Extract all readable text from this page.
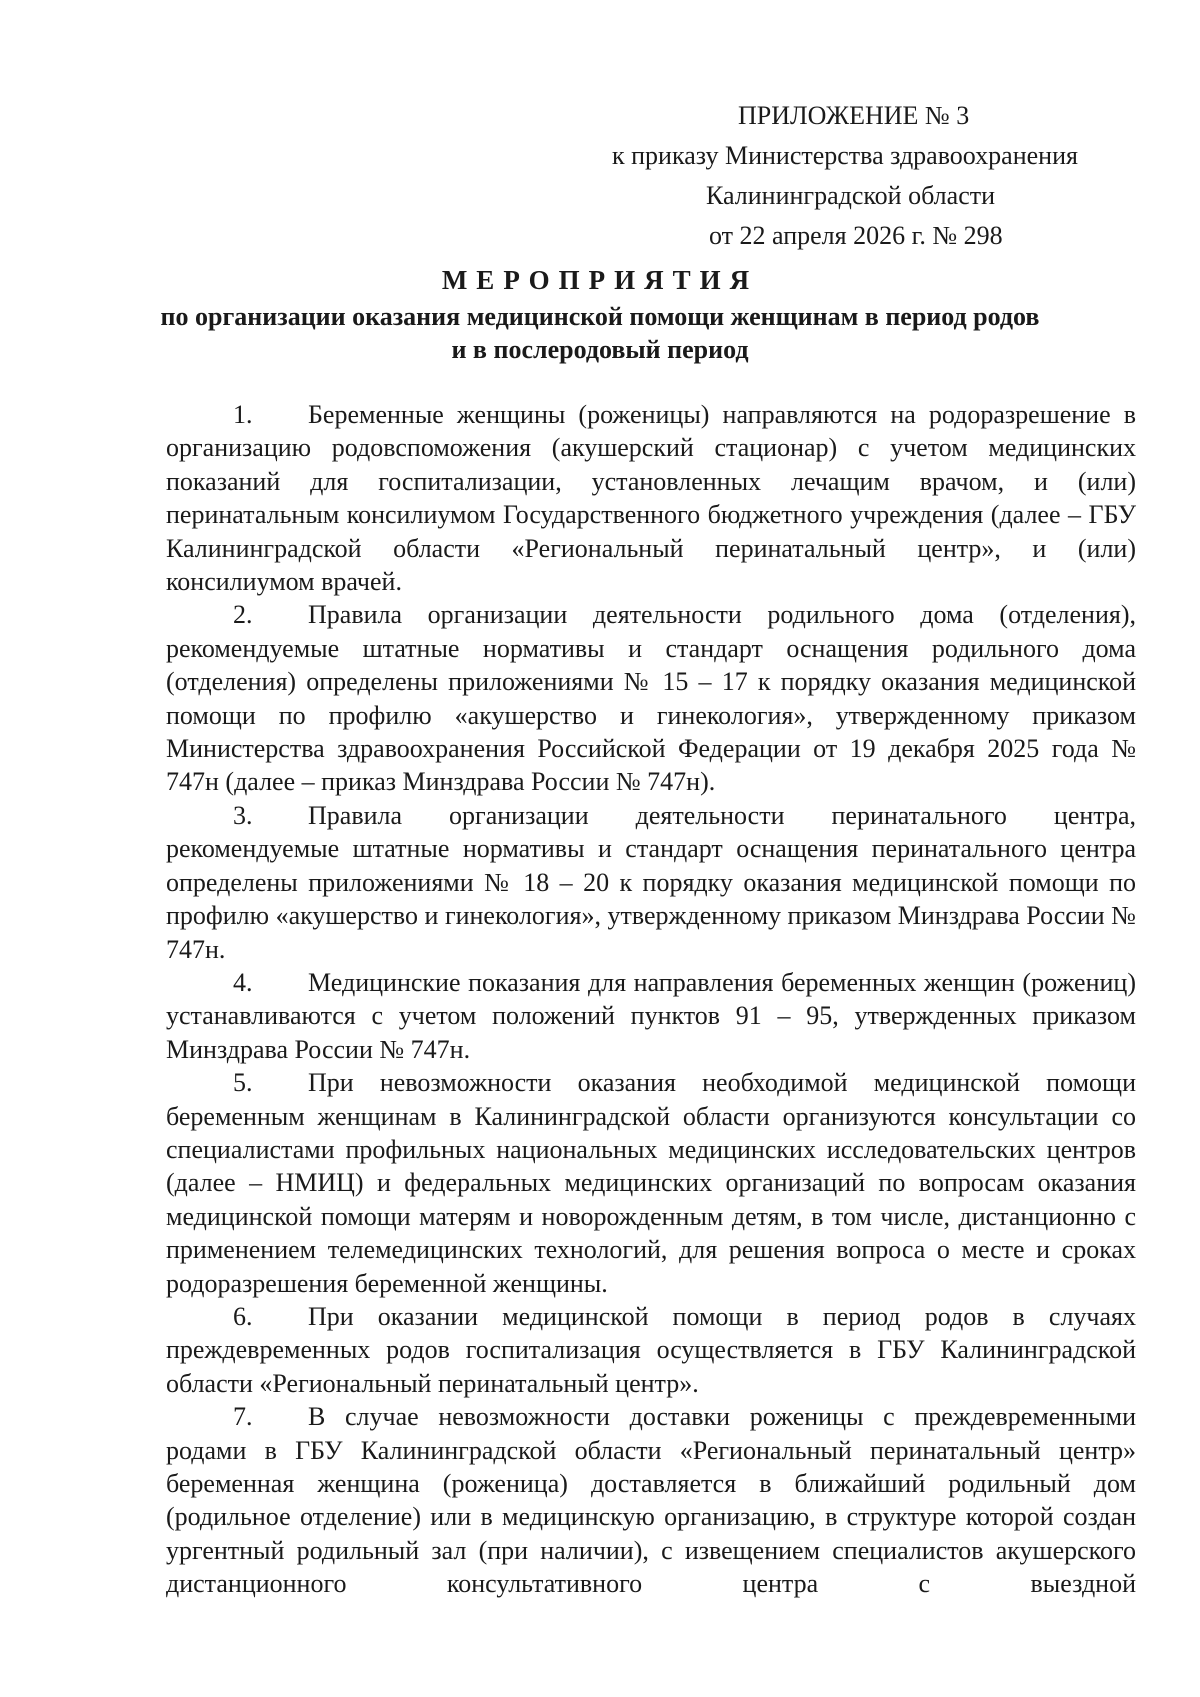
ПРИЛОЖЕНИЕ № 3
к приказу Министерства здравоохранения
Калининградской области
от 22 апреля 2026 г. № 298
МЕРОПРИЯТИЯ
по организации оказания медицинской помощи женщинам в период родов и в послеродовый период

1. Беременные женщины (роженицы) направляются на родоразрешение в организацию родовспоможения (акушерский стационар) с учетом медицинских показаний для госпитализации, установленных лечащим врачом, и (или) перинатальным консилиумом Государственного бюджетного учреждения (далее – ГБУ Калининградской области «Региональный перинатальный центр», и (или) консилиумом врачей.

2. Правила организации деятельности родильного дома (отделения), рекомендуемые штатные нормативы и стандарт оснащения родильного дома (отделения) определены приложениями № 15 – 17 к порядку оказания медицинской помощи по профилю «акушерство и гинекология», утвержденному приказом Министерства здравоохранения Российской Федерации от 19 декабря 2025 года № 747н (далее – приказ Минздрава России № 747н).

3. Правила организации деятельности перинатального центра, рекомендуемые штатные нормативы и стандарт оснащения перинатального центра определены приложениями № 18 – 20 к порядку оказания медицинской помощи по профилю «акушерство и гинекология», утвержденному приказом Минздрава России № 747н.

4. Медицинские показания для направления беременных женщин (рожениц) устанавливаются с учетом положений пунктов 91 – 95, утвержденных приказом Минздрава России № 747н.

5. При невозможности оказания необходимой медицинской помощи беременным женщинам в Калининградской области организуются консультации со специалистами профильных национальных медицинских исследовательских центров (далее – НМИЦ) и федеральных медицинских организаций по вопросам оказания медицинской помощи матерям и новорожденным детям, в том числе, дистанционно с применением телемедицинских технологий, для решения вопроса о месте и сроках родоразрешения беременной женщины.

6. При оказании медицинской помощи в период родов в случаях преждевременных родов госпитализация осуществляется в ГБУ Калининградской области «Региональный перинатальный центр».

7. В случае невозможности доставки роженицы с преждевременными родами в ГБУ Калининградской области «Региональный перинатальный центр» беременная женщина (роженица) доставляется в ближайший родильный дом (родильное отделение) или в медицинскую организацию, в структуре которой создан ургентный родильный зал (при наличии), с извещением специалистов акушерского дистанционного консультативного центра с выездной
